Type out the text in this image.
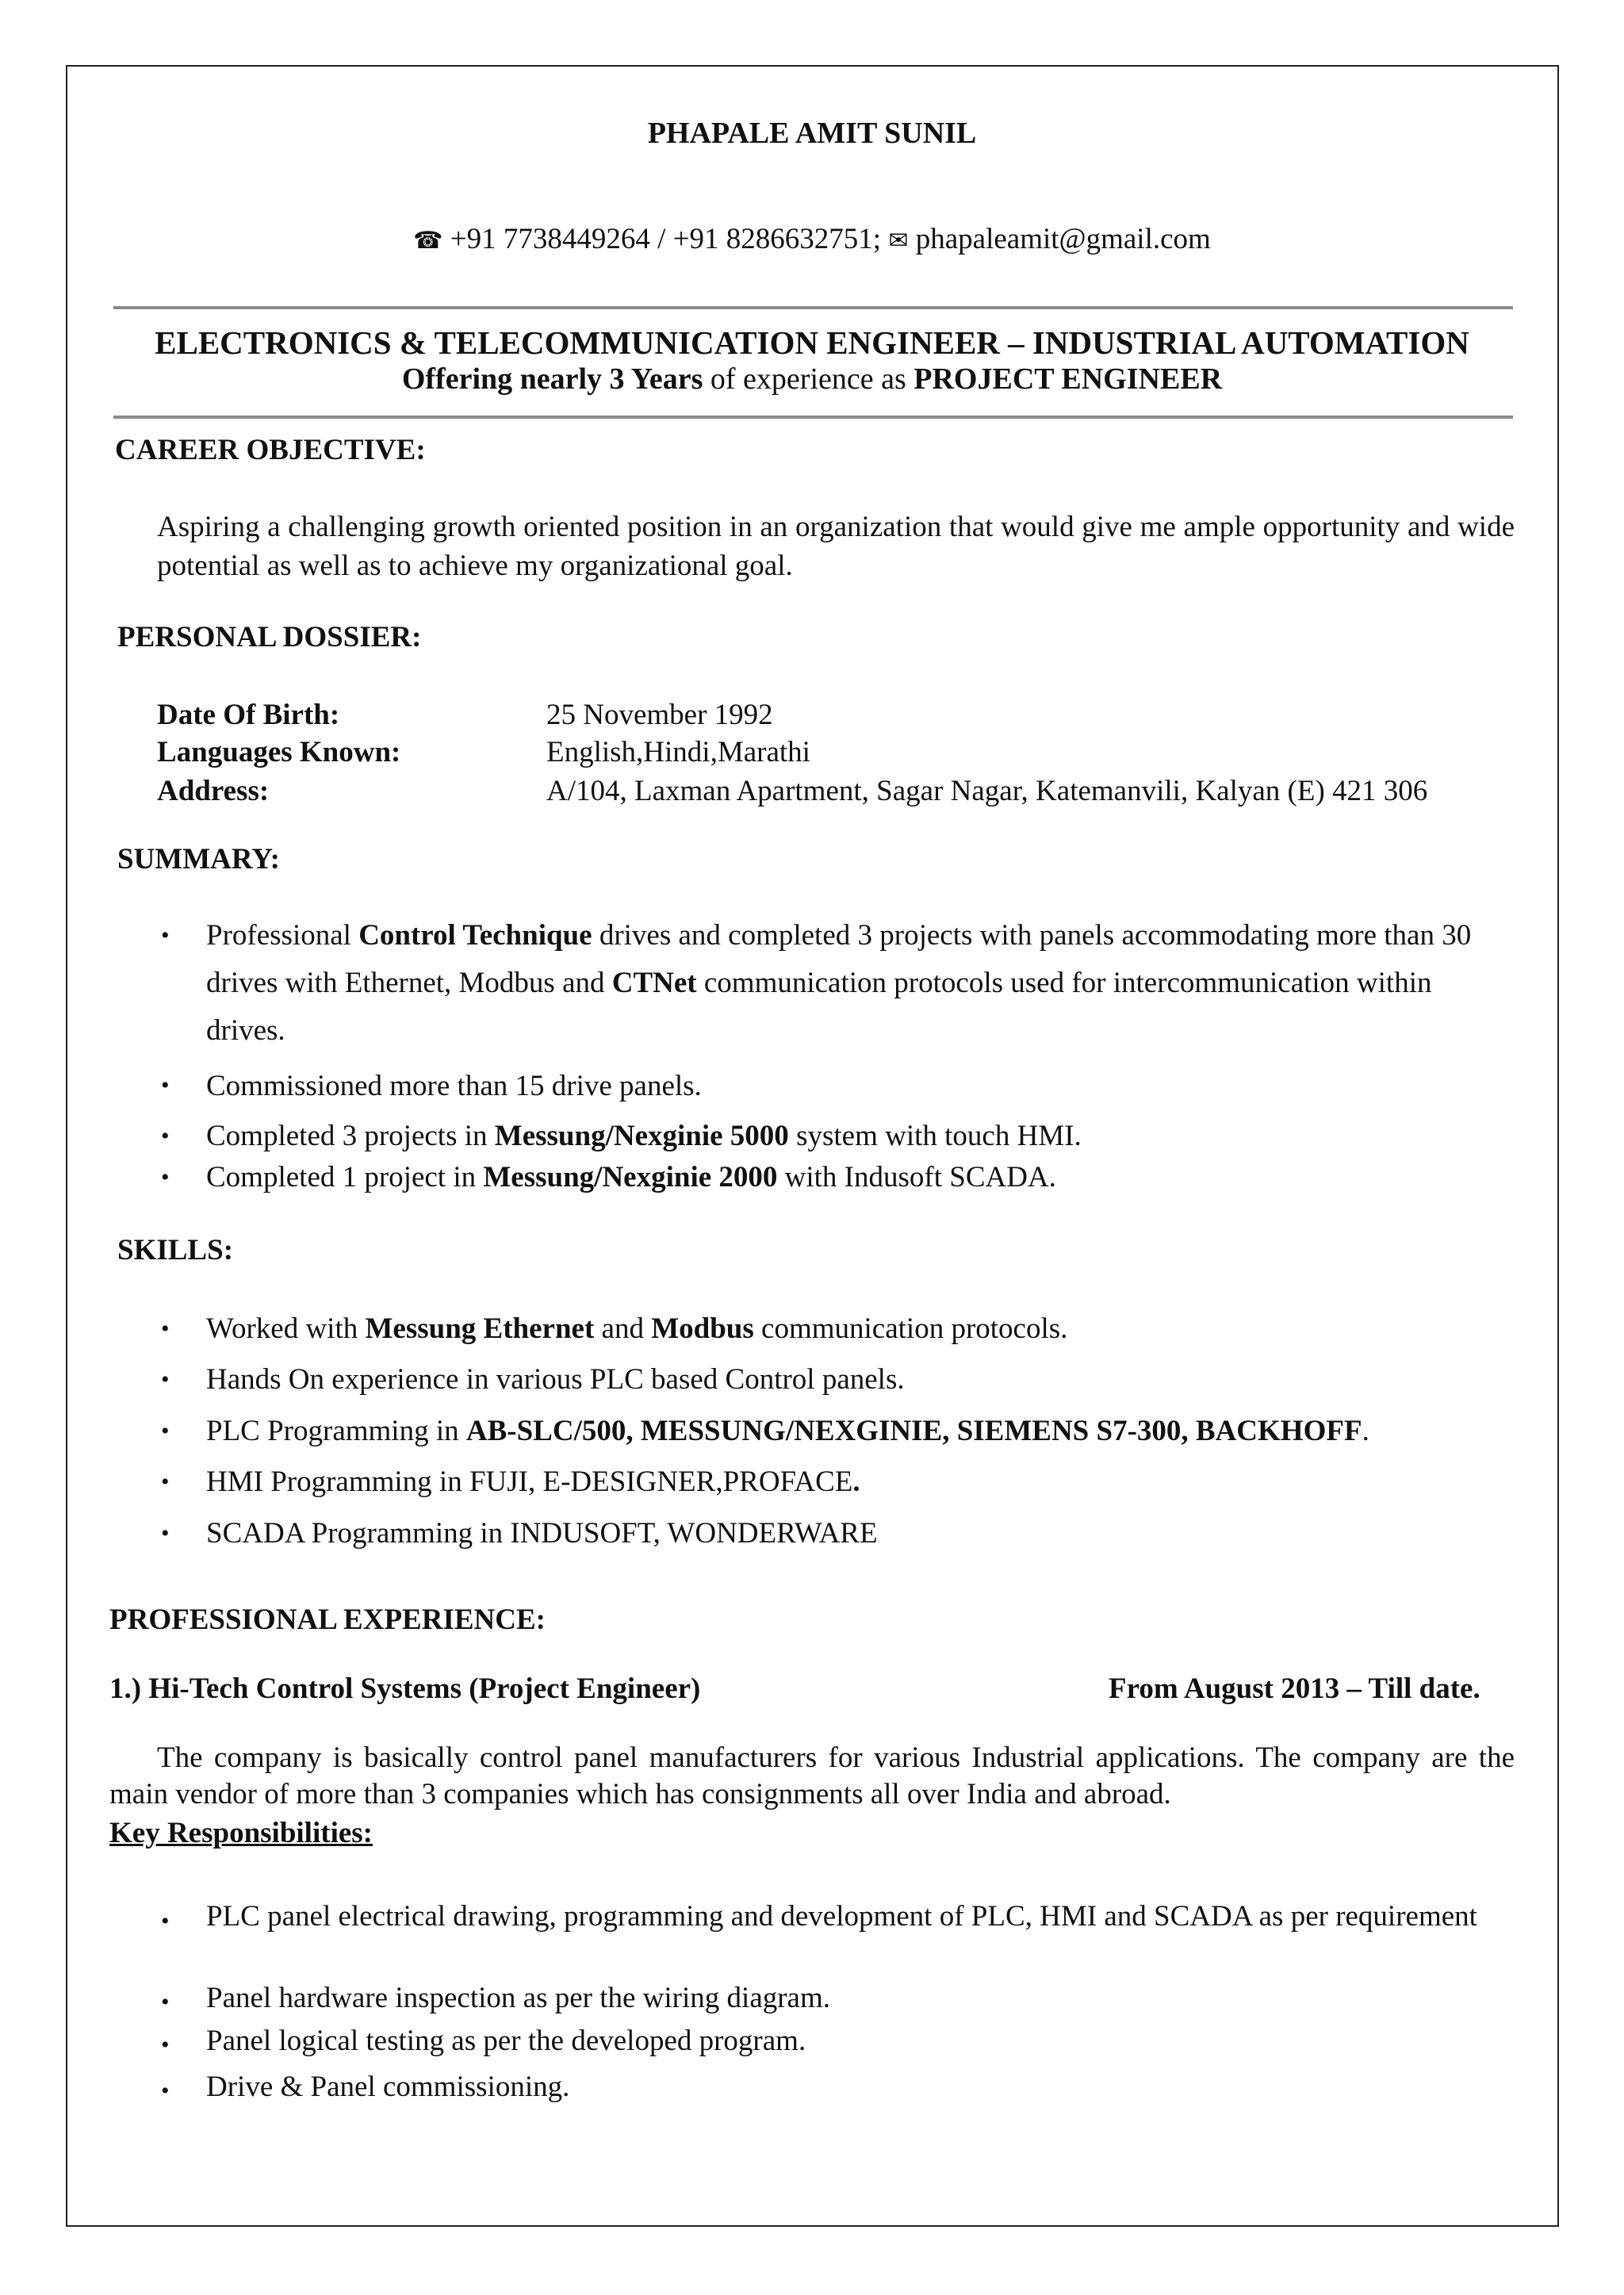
PHAPALE AMIT SUNIL
☎ +91 7738449264 / +91 8286632751; ✉ phapaleamit@gmail.com
ELECTRONICS & TELECOMMUNICATION ENGINEER – INDUSTRIAL AUTOMATION
Offering nearly 3 Years of experience as PROJECT ENGINEER
CAREER OBJECTIVE:
Aspiring a challenging growth oriented position in an organization that would give me ample opportunity and wide potential as well as to achieve my organizational goal.
PERSONAL DOSSIER:
Date Of Birth:	25 November 1992
Languages Known:	English,Hindi,Marathi
Address:	A/104, Laxman Apartment, Sagar Nagar, Katemanvili, Kalyan (E) 421 306
SUMMARY:
• Professional Control Technique drives and completed 3 projects with panels accommodating more than 30 drives with Ethernet, Modbus and CTNet communication protocols used for intercommunication within drives.
• Commissioned more than 15 drive panels.
• Completed 3 projects in Messung/Nexginie 5000 system with touch HMI.
• Completed 1 project in Messung/Nexginie 2000 with Indusoft SCADA.
SKILLS:
• Worked with Messung Ethernet and Modbus communication protocols.
• Hands On experience in various PLC based Control panels.
• PLC Programming in AB-SLC/500, MESSUNG/NEXGINIE, SIEMENS S7-300, BACKHOFF.
• HMI Programming in FUJI, E-DESIGNER,PROFACE.
• SCADA Programming in INDUSOFT, WONDERWARE
PROFESSIONAL EXPERIENCE:
1.) Hi-Tech Control Systems (Project Engineer)	From August 2013 – Till date.
The company is basically control panel manufacturers for various Industrial applications. The company are the main vendor of more than 3 companies which has consignments all over India and abroad.
Key Responsibilities:
• PLC panel electrical drawing, programming and development of PLC, HMI and SCADA as per requirement
• Panel hardware inspection as per the wiring diagram.
• Panel logical testing as per the developed program.
• Drive & Panel commissioning.
